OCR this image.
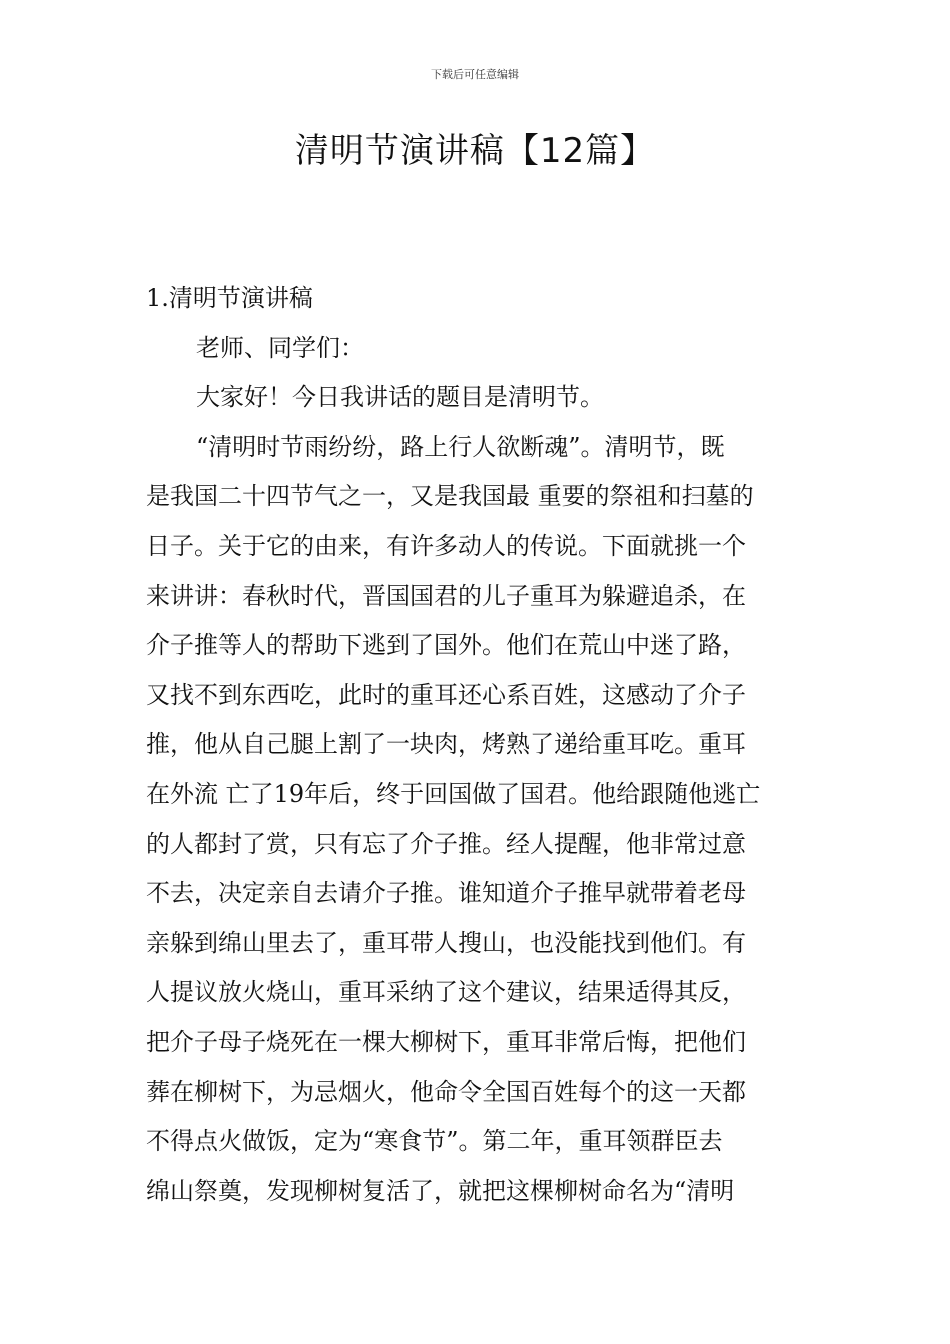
下载后可任意编辑
清明节演讲稿【12篇】
1.清明节演讲稿
老师、同学们：
大家好！今日我讲话的题目是清明节。
“清明时节雨纷纷，路上行人欲断魂”。清明节，既
是我国二十四节气之一，又是我国最 重要的祭祖和扫墓的
日子。关于它的由来，有许多动人的传说。下面就挑一个
来讲讲：春秋时代，晋国国君的儿子重耳为躲避追杀，在
介子推等人的帮助下逃到了国外。他们在荒山中迷了路，
又找不到东西吃，此时的重耳还心系百姓，这感动了介子
推，他从自己腿上割了一块肉，烤熟了递给重耳吃。重耳
在外流 亡了19年后，终于回国做了国君。他给跟随他逃亡
的人都封了赏，只有忘了介子推。经人提醒，他非常过意
不去，决定亲自去请介子推。谁知道介子推早就带着老母
亲躲到绵山里去了，重耳带人搜山，也没能找到他们。有
人提议放火烧山，重耳采纳了这个建议，结果适得其反，
把介子母子烧死在一棵大柳树下，重耳非常后悔，把他们
葬在柳树下，为忌烟火，他命令全国百姓每个的这一天都
不得点火做饭，定为“寒食节”。第二年，重耳领群臣去
绵山祭奠，发现柳树复活了，就把这棵柳树命名为“清明
